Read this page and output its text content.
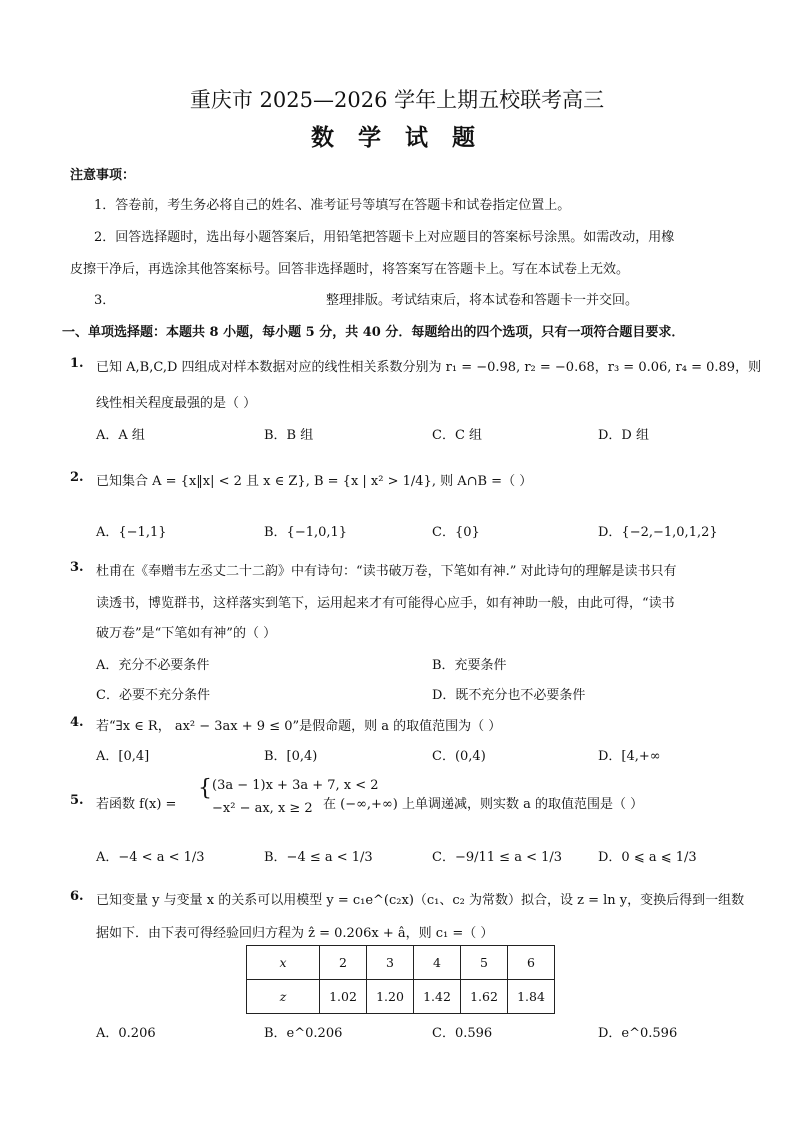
重庆市 2025—2026 学年上期五校联考高三
数 学 试 题
注意事项：
1．答卷前，考生务必将自己的姓名、准考证号等填写在答题卡和试卷指定位置上。
2．回答选择题时，选出每小题答案后，用铅笔把答题卡上对应题目的答案标号涂黑。如需改动，用橡
皮擦干净后，再选涂其他答案标号。回答非选择题时，将答案写在答题卡上。写在本试卷上无效。
3．	整理排版。考试结束后，将本试卷和答题卡一并交回。
一、单项选择题：本题共 8 小题，每小题 5 分，共 40 分．每题给出的四个选项，只有一项符合题目要求．
1. 已知 A,B,C,D 四组成对样本数据对应的线性相关系数分别为 r₁ = −0.98, r₂ = −0.68，r₃ = 0.06, r₄ = 0.89，则
线性相关程度最强的是（ ）
A．A 组	B．B 组	C．C 组	D．D 组
2. 已知集合 A = {x‖x| < 2 且 x ∈ Z}, B = {x | x² > 1/4}, 则 A∩B =（ ）
A．{−1,1}	B．{−1,0,1}	C．{0}	D．{−2,−1,0,1,2}
3. 杜甫在《奉赠韦左丞丈二十二韵》中有诗句：“读书破万卷，下笔如有神.” 对此诗句的理解是读书只有
读透书，博览群书，这样落实到笔下，运用起来才有可能得心应手，如有神助一般，由此可得，“读书
破万卷”是“下笔如有神”的（ ）
A．充分不必要条件	B．充要条件
C．必要不充分条件	D．既不充分也不必要条件
4. 若“∃x ∈ R， ax² − 3ax + 9 ≤ 0”是假命题，则 a 的取值范围为（ ）
A．[0,4]	B．[0,4)	C．(0,4)	D．[4,+∞
5. 若函数 f(x) =
{ (3a − 1)x + 3a + 7, x < 2
−x² − ax, x ≥ 2 在 (−∞,+∞) 上单调递减，则实数 a 的取值范围是（ ）
A．−4 < a < 1/3	B．−4 ≤ a < 1/3	C．−9/11 ≤ a < 1/3	D．0 ⩽ a ⩽ 1/3
6. 已知变量 y 与变量 x 的关系可以用模型 y = c₁e^(c₂x)（c₁、c₂ 为常数）拟合，设 z = ln y，变换后得到一组数
据如下．由下表可得经验回归方程为 ẑ = 0.206x + â，则 c₁ =（ ）
x	2	3	4	5	6
z	1.02	1.20	1.42	1.62	1.84
A．0.206	B．e^0.206	C．0.596	D．e^0.596
